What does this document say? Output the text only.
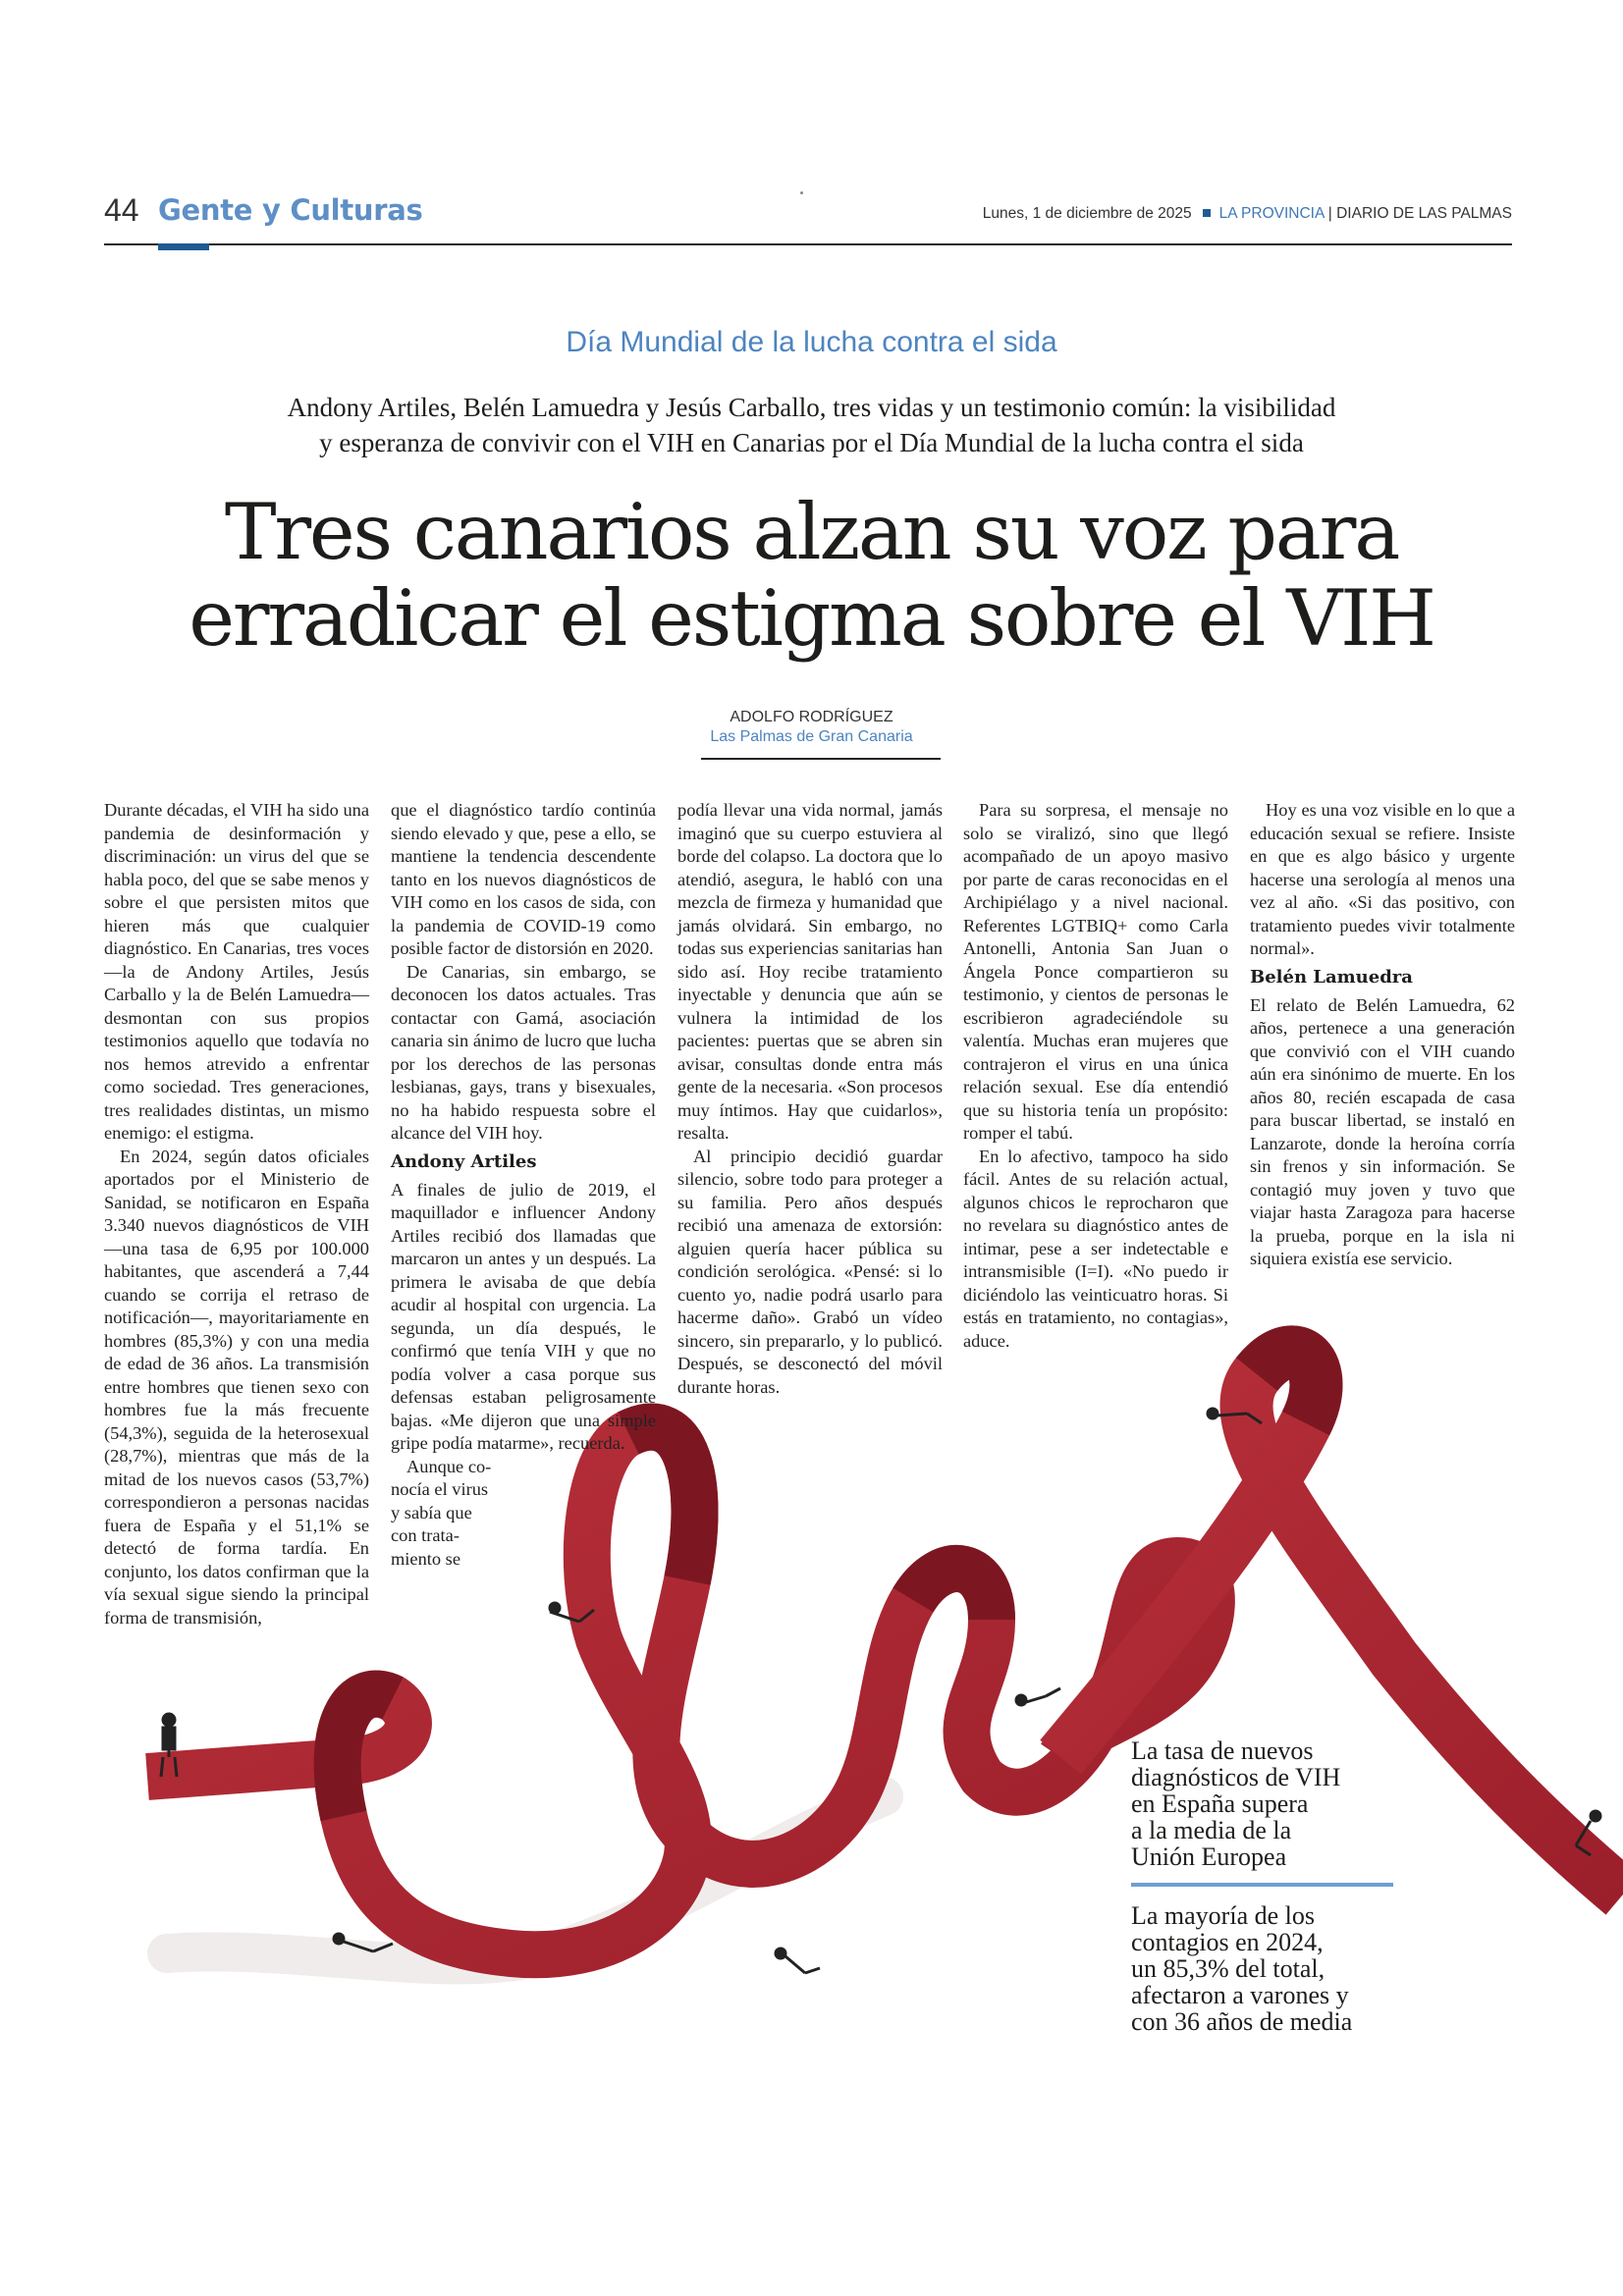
44 Gente y Culturas	Lunes, 1 de diciembre de 2025 LA PROVINCIA | DIARIO DE LAS PALMAS
Día Mundial de la lucha contra el sida
Andony Artiles, Belén Lamuedra y Jesús Carballo, tres vidas y un testimonio común: la visibilidad
y esperanza de convivir con el VIH en Canarias por el Día Mundial de la lucha contra el sida
Tres canarios alzan su voz para
erradicar el estigma sobre el VIH
ADOLFO RODRÍGUEZ
Las Palmas de Gran Canaria

Durante décadas, el VIH ha sido una pandemia de desinformación y discriminación: un virus del que se habla poco, del que se sabe menos y sobre el que persisten mitos que hieren más que cualquier diagnóstico. En Canarias, tres voces —la de Andony Artiles, Jesús Carballo y la de Belén Lamuedra— desmontan con sus propios testimonios aquello que todavía no nos hemos atrevido a enfrentar como sociedad. Tres generaciones, tres realidades distintas, un mismo enemigo: el estigma.

En 2024, según datos oficiales aportados por el Ministerio de Sanidad, se notificaron en España 3.340 nuevos diagnósticos de VIH —una tasa de 6,95 por 100.000 habitantes, que ascenderá a 7,44 cuando se corrija el retraso de notificación—, mayoritariamente en hombres (85,3%) y con una media de edad de 36 años. La transmisión entre hombres que tienen sexo con hombres fue la más frecuente (54,3%), seguida de la heterosexual (28,7%), mientras que más de la mitad de los nuevos casos (53,7%) correspondieron a personas nacidas fuera de España y el 51,1% se detectó de forma tardía. En conjunto, los datos confirman que la vía sexual sigue siendo la principal forma de transmisión,

que el diagnóstico tardío continúa siendo elevado y que, pese a ello, se mantiene la tendencia descendente tanto en los nuevos diagnósticos de VIH como en los casos de sida, con la pandemia de COVID-19 como posible factor de distorsión en 2020.

De Canarias, sin embargo, se deconocen los datos actuales. Tras contactar con Gamá, asociación canaria sin ánimo de lucro que lucha por los derechos de las personas lesbianas, gays, trans y bisexuales, no ha habido respuesta sobre el alcance del VIH hoy.

Andony Artiles

A finales de julio de 2019, el maquillador e influencer Andony Artiles recibió dos llamadas que marcaron un antes y un después. La primera le avisaba de que debía acudir al hospital con urgencia. La segunda, un día después, le confirmó que tenía VIH y que no podía volver a casa porque sus defensas estaban peligrosamente bajas. «Me dijeron que una simple gripe podía matarme», recuerda.

Aunque co-
nocía el virus
y sabía que
con trata-
miento se

podía llevar una vida normal, jamás imaginó que su cuerpo estuviera al borde del colapso. La doctora que lo atendió, asegura, le habló con una mezcla de firmeza y humanidad que jamás olvidará. Sin embargo, no todas sus experiencias sanitarias han sido así. Hoy recibe tratamiento inyectable y denuncia que aún se vulnera la intimidad de los pacientes: puertas que se abren sin avisar, consultas donde entra más gente de la necesaria. «Son procesos muy íntimos. Hay que cuidarlos», resalta.

Al principio decidió guardar silencio, sobre todo para proteger a su familia. Pero años después recibió una amenaza de extorsión: alguien quería hacer pública su condición serológica. «Pensé: si lo cuento yo, nadie podrá usarlo para hacerme daño». Grabó un vídeo sincero, sin prepararlo, y lo publicó. Después, se desconectó del móvil durante horas.

Para su sorpresa, el mensaje no solo se viralizó, sino que llegó acompañado de un apoyo masivo por parte de caras reconocidas en el Archipiélago y a nivel nacional. Referentes LGTBIQ+ como Carla Antonelli, Antonia San Juan o Ángela Ponce compartieron su testimonio, y cientos de personas le escribieron agradeciéndole su valentía. Muchas eran mujeres que contrajeron el virus en una única relación sexual. Ese día entendió que su historia tenía un propósito: romper el tabú.

En lo afectivo, tampoco ha sido fácil. Antes de su relación actual, algunos chicos le reprocharon que no revelara su diagnóstico antes de intimar, pese a ser indetectable e intransmisible (I=I). «No puedo ir diciéndolo las veinticuatro horas. Si estás en tratamiento, no contagias», aduce.

Hoy es una voz visible en lo que a educación sexual se refiere. Insiste en que es algo básico y urgente hacerse una serología al menos una vez al año. «Si das positivo, con tratamiento puedes vivir totalmente normal».

Belén Lamuedra

El relato de Belén Lamuedra, 62 años, pertenece a una generación que convivió con el VIH cuando aún era sinónimo de muerte. En los años 80, recién escapada de casa para buscar libertad, se instaló en Lanzarote, donde la heroína corría sin frenos y sin información. Se contagió muy joven y tuvo que viajar hasta Zaragoza para hacerse la prueba, porque en la isla ni siquiera existía ese servicio.

La tasa de nuevos
diagnósticos de VIH
en España supera
a la media de la
Unión Europea
La mayoría de los
contagios en 2024,
un 85,3% del total,
afectaron a varones y
con 36 años de media
